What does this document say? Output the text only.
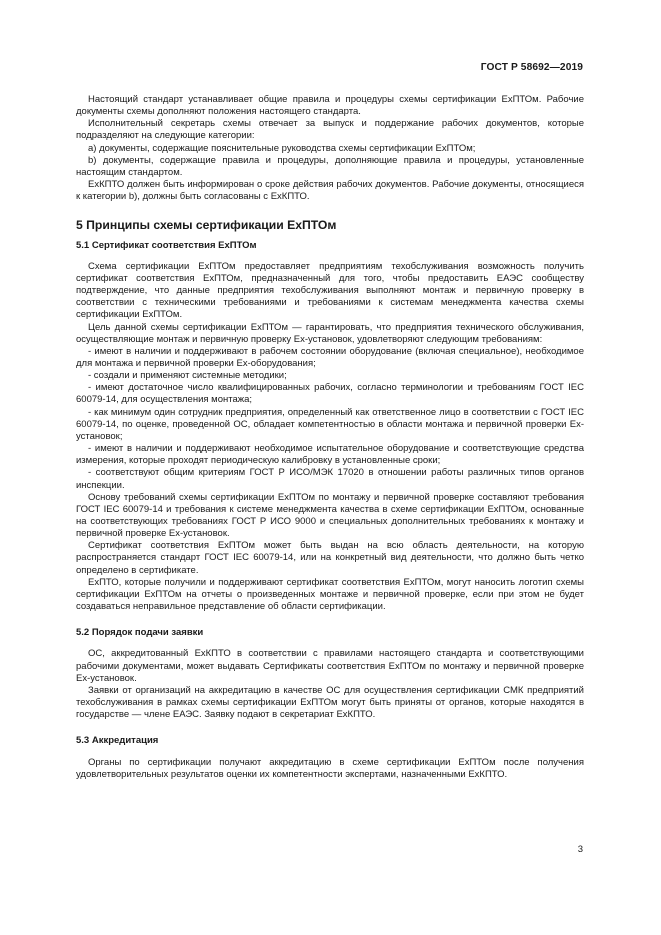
ГОСТ Р 58692—2019

Настоящий стандарт устанавливает общие правила и процедуры схемы сертификации ExПТОм. Рабочие документы схемы дополняют положения настоящего стандарта.

Исполнительный секретарь схемы отвечает за выпуск и поддержание рабочих документов, которые подразделяют на следующие категории:

a) документы, содержащие пояснительные руководства схемы сертификации ExПТОм;

b) документы, содержащие правила и процедуры, дополняющие правила и процедуры, установленные настоящим стандартом.

ExКПТО должен быть информирован о сроке действия рабочих документов. Рабочие документы, относящиеся к категории b), должны быть согласованы с ExКПТО.

5 Принципы схемы сертификации ExПТОм
5.1 Сертификат соответствия ExПТОм

Схема сертификации ExПТОм предоставляет предприятиям техобслуживания возможность получить сертификат соответствия ExПТОм, предназначенный для того, чтобы предоставить ЕАЭС сообществу подтверждение, что данные предприятия техобслуживания выполняют монтаж и первичную проверку в соответствии с техническими требованиями и требованиями к системам менеджмента качества схемы сертификации ExПТОм.

Цель данной схемы сертификации ExПТОм — гарантировать, что предприятия технического обслуживания, осуществляющие монтаж и первичную проверку Ex-установок, удовлетворяют следующим требованиям:

- имеют в наличии и поддерживают в рабочем состоянии оборудование (включая специальное), необходимое для монтажа и первичной проверки Ex-оборудования;

- создали и применяют системные методики;

- имеют достаточное число квалифицированных рабочих, согласно терминологии и требованиям ГОСТ IEC 60079-14, для осуществления монтажа;

- как минимум один сотрудник предприятия, определенный как ответственное лицо в соответствии с ГОСТ IEC 60079-14, по оценке, проведенной ОС, обладает компетентностью в области монтажа и первичной проверки Ex-установок;

- имеют в наличии и поддерживают необходимое испытательное оборудование и соответствующие средства измерения, которые проходят периодическую калибровку в установленные сроки;

- соответствуют общим критериям ГОСТ Р ИСО/МЭК 17020 в отношении работы различных типов органов инспекции.

Основу требований схемы сертификации ExПТОм по монтажу и первичной проверке составляют требования ГОСТ IEC 60079-14 и требования к системе менеджмента качества в схеме сертификации ExПТОм, основанные на соответствующих требованиях ГОСТ Р ИСО 9000 и специальных дополнительных требованиях к монтажу и первичной проверке Ex-установок.

Сертификат соответствия ExПТОм может быть выдан на всю область деятельности, на которую распространяется стандарт ГОСТ IEC 60079-14, или на конкретный вид деятельности, что должно быть четко определено в сертификате.

ExПТО, которые получили и поддерживают сертификат соответствия ExПТОм, могут наносить логотип схемы сертификации ExПТОм на отчеты о произведенных монтаже и первичной проверке, если при этом не будет создаваться неправильное представление об области сертификации.

5.2 Порядок подачи заявки

ОС, аккредитованный ExКПТО в соответствии с правилами настоящего стандарта и соответствующими рабочими документами, может выдавать Сертификаты соответствия ExПТОм по монтажу и первичной проверке Ex-установок.

Заявки от организаций на аккредитацию в качестве ОС для осуществления сертификации СМК предприятий техобслуживания в рамках схемы сертификации ExПТОм могут быть приняты от органов, которые находятся в государстве — члене ЕАЭС. Заявку подают в секретариат ExКПТО.

5.3 Аккредитация

Органы по сертификации получают аккредитацию в схеме сертификации ExПТОм после получения удовлетворительных результатов оценки их компетентности экспертами, назначенными ExКПТО.

3
